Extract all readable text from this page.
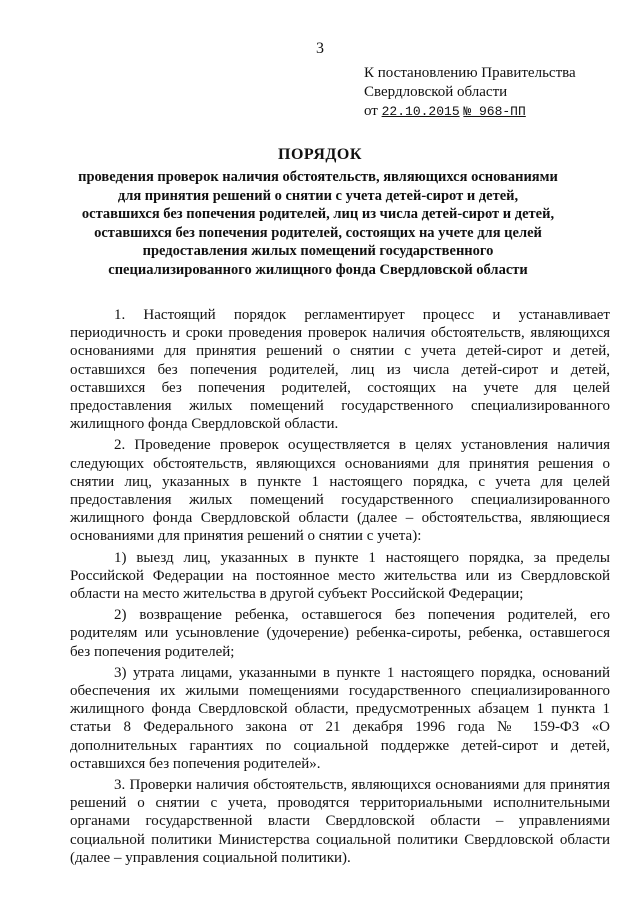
3
К постановлению Правительства
Свердловской области
от 22.10.2015 № 968-ПП
ПОРЯДОК
проведения проверок наличия обстоятельств, являющихся основаниями для принятия решений о снятии с учета детей-сирот и детей, оставшихся без попечения родителей, лиц из числа детей-сирот и детей, оставшихся без попечения родителей, состоящих на учете для целей предоставления жилых помещений государственного специализированного жилищного фонда Свердловской области

1. Настоящий порядок регламентирует процесс и устанавливает периодичность и сроки проведения проверок наличия обстоятельств, являющихся основаниями для принятия решений о снятии с учета детей-сирот и детей, оставшихся без попечения родителей, лиц из числа детей-сирот и детей, оставшихся без попечения родителей, состоящих на учете для целей предоставления жилых помещений государственного специализированного жилищного фонда Свердловской области.

2. Проведение проверок осуществляется в целях установления наличия следующих обстоятельств, являющихся основаниями для принятия решения о снятии лиц, указанных в пункте 1 настоящего порядка, с учета для целей предоставления жилых помещений государственного специализированного жилищного фонда Свердловской области (далее – обстоятельства, являющиеся основаниями для принятия решений о снятии с учета):

1) выезд лиц, указанных в пункте 1 настоящего порядка, за пределы Российской Федерации на постоянное место жительства или из Свердловской области на место жительства в другой субъект Российской Федерации;

2) возвращение ребенка, оставшегося без попечения родителей, его родителям или усыновление (удочерение) ребенка-сироты, ребенка, оставшегося без попечения родителей;

3) утрата лицами, указанными в пункте 1 настоящего порядка, оснований обеспечения их жилыми помещениями государственного специализированного жилищного фонда Свердловской области, предусмотренных абзацем 1 пункта 1 статьи 8 Федерального закона от 21 декабря 1996 года № 159-ФЗ «О дополнительных гарантиях по социальной поддержке детей-сирот и детей, оставшихся без попечения родителей».

3. Проверки наличия обстоятельств, являющихся основаниями для принятия решений о снятии с учета, проводятся территориальными исполнительными органами государственной власти Свердловской области – управлениями социальной политики Министерства социальной политики Свердловской области (далее – управления социальной политики).
